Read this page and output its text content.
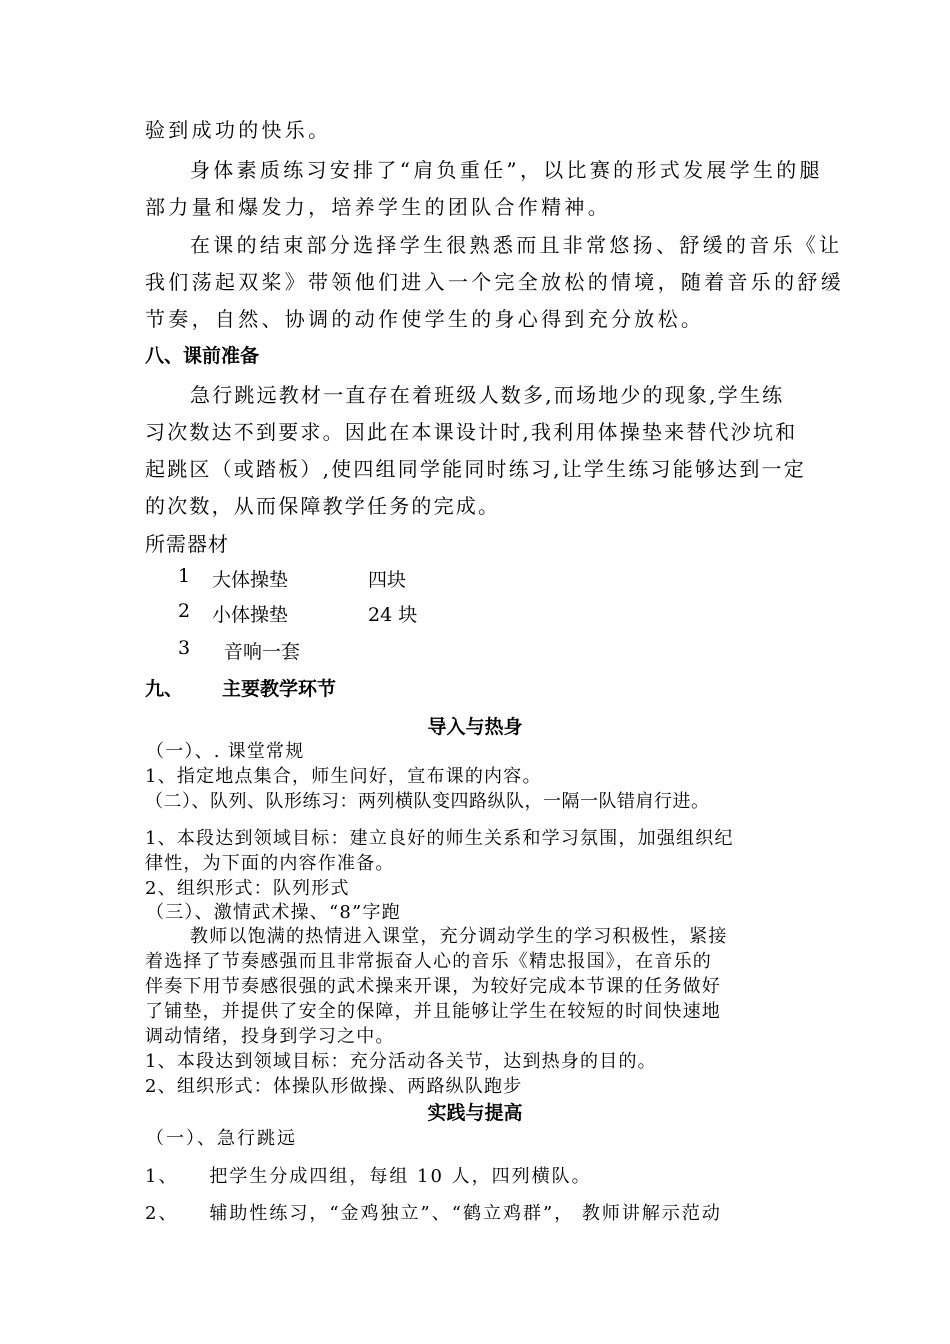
验到成功的快乐。
身体素质练习安排了“肩负重任”，以比赛的形式发展学生的腿
部力量和爆发力，培养学生的团队合作精神。
在课的结束部分选择学生很熟悉而且非常悠扬、舒缓的音乐《让
我们荡起双桨》带领他们进入一个完全放松的情境，随着音乐的舒缓
节奏，自然、协调的动作使学生的身心得到充分放松。
八、课前准备
急行跳远教材一直存在着班级人数多,而场地少的现象,学生练
习次数达不到要求。因此在本课设计时,我利用体操垫来替代沙坑和
起跳区（或踏板）,使四组同学能同时练习,让学生练习能够达到一定
的次数，从而保障教学任务的完成。
所需器材
1 大体操垫	四块
2 小体操垫	24 块
3 音响一套
九、 主要教学环节
导入与热身
（一）、. 课堂常规
1、指定地点集合，师生问好，宣布课的内容。
（二）、队列、队形练习：两列横队变四路纵队，一隔一队错肩行进。
1、本段达到领域目标：建立良好的师生关系和学习氛围，加强组织纪
律性，为下面的内容作准备。
2、组织形式：队列形式
（三）、激情武术操、“8”字跑
教师以饱满的热情进入课堂，充分调动学生的学习积极性，紧接
着选择了节奏感强而且非常振奋人心的音乐《精忠报国》，在音乐的
伴奏下用节奏感很强的武术操来开课，为较好完成本节课的任务做好
了铺垫，并提供了安全的保障，并且能够让学生在较短的时间快速地
调动情绪，投身到学习之中。
1、本段达到领域目标：充分活动各关节，达到热身的目的。
2、组织形式：体操队形做操、两路纵队跑步
实践与提高
（一）、急行跳远
1、    把学生分成四组，每组 10 人，四列横队。
2、    辅助性练习，“金鸡独立”、“鹤立鸡群”， 教师讲解示范动
